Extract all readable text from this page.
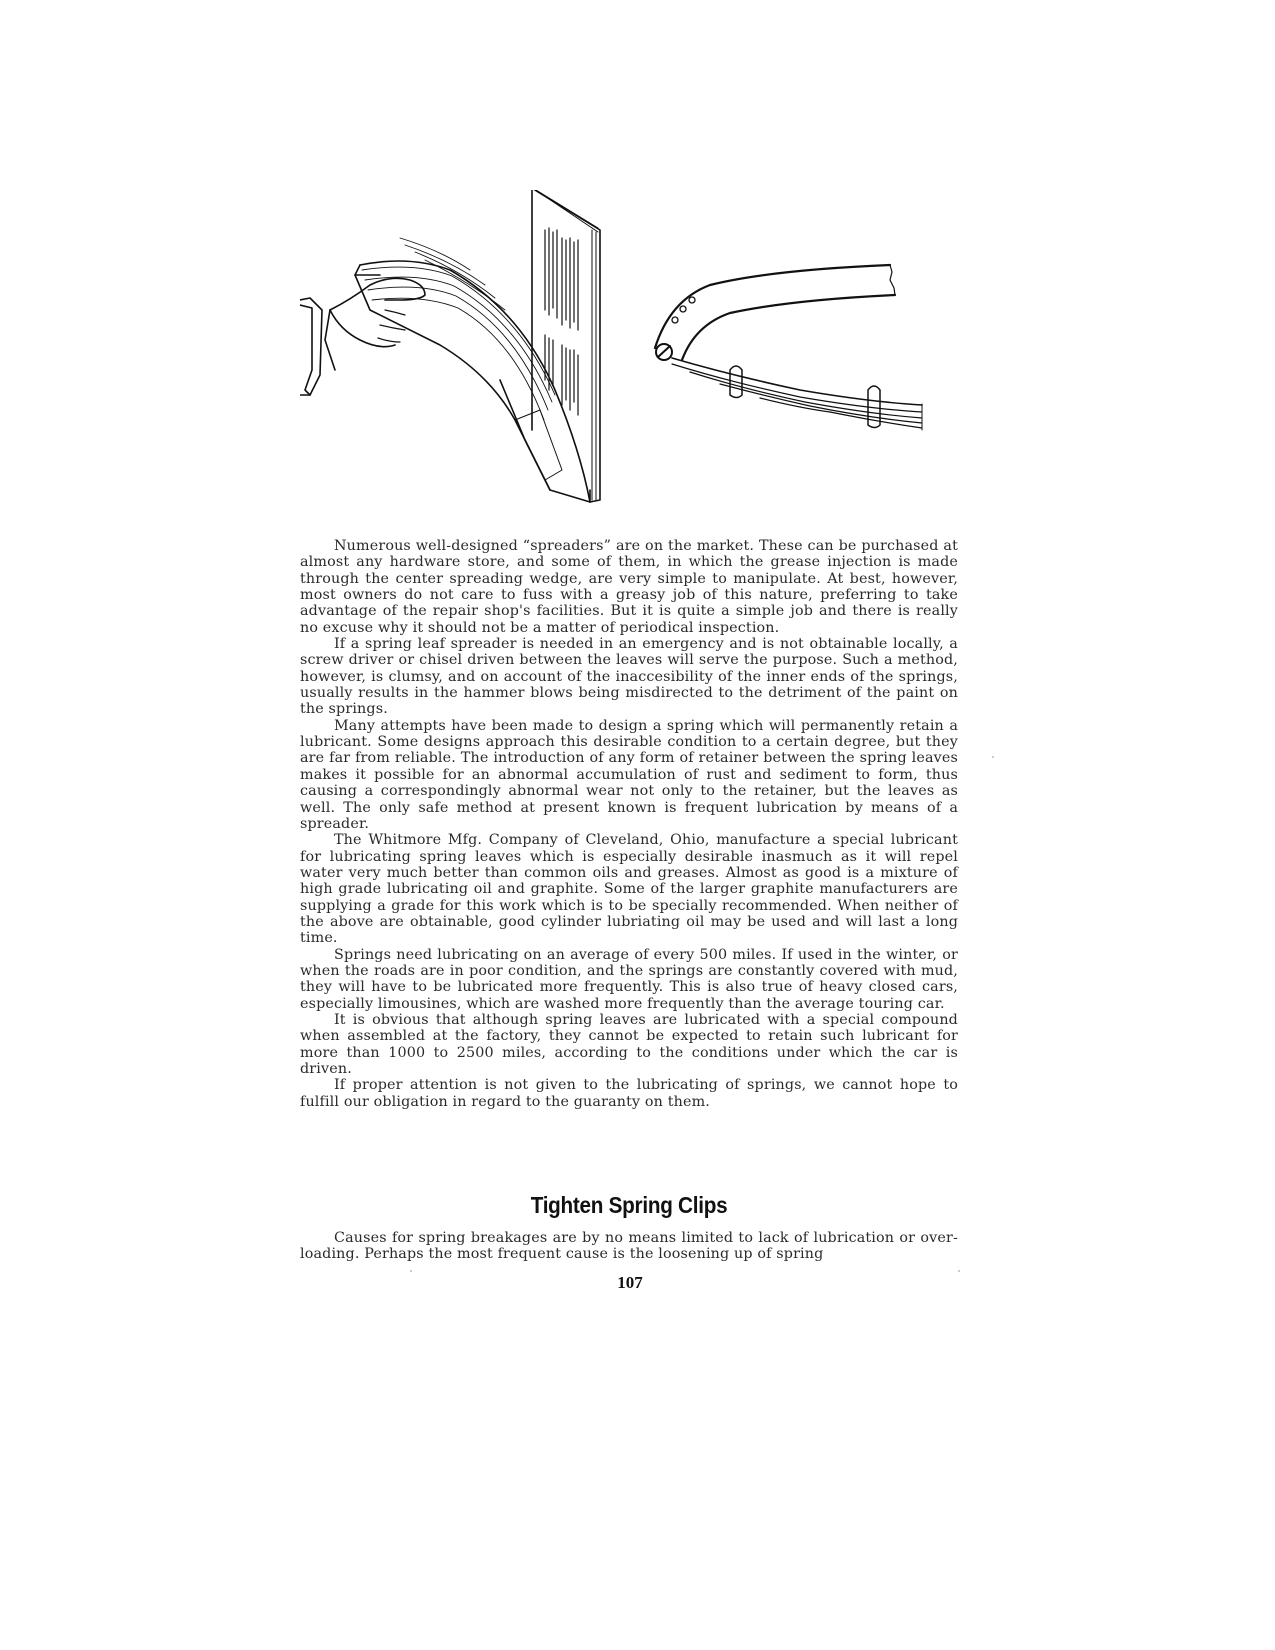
Numerous well-designed “spreaders” are on the market. These can be purchased at almost any hardware store, and some of them, in which the grease injection is made through the center spreading wedge, are very simple to manipulate. At best, however, most owners do not care to fuss with a greasy job of this nature, preferring to take advantage of the repair shop's facilities. But it is quite a simple job and there is really no excuse why it should not be a matter of periodical inspection.

If a spring leaf spreader is needed in an emergency and is not obtainable locally, a screw driver or chisel driven between the leaves will serve the purpose. Such a method, however, is clumsy, and on account of the inaccesibility of the inner ends of the springs, usually results in the hammer blows being misdirected to the detriment of the paint on the springs.

Many attempts have been made to design a spring which will permanently retain a lubricant. Some designs approach this desirable condition to a certain degree, but they are far from reliable. The introduction of any form of retainer between the spring leaves makes it possible for an abnormal accumulation of rust and sediment to form, thus causing a correspondingly abnormal wear not only to the retainer, but the leaves as well. The only safe method at present known is frequent lubrication by means of a spreader.

The Whitmore Mfg. Company of Cleveland, Ohio, manufacture a special lubricant for lubricating spring leaves which is especially desirable inasmuch as it will repel water very much better than common oils and greases. Almost as good is a mixture of high grade lubricating oil and graphite. Some of the larger graphite manufacturers are supplying a grade for this work which is to be specially recommended. When neither of the above are obtainable, good cylinder lubriating oil may be used and will last a long time.

Springs need lubricating on an average of every 500 miles. If used in the winter, or when the roads are in poor condition, and the springs are constantly covered with mud, they will have to be lubricated more frequently. This is also true of heavy closed cars, especially limousines, which are washed more frequently than the average touring car.

It is obvious that although spring leaves are lubricated with a special compound when assembled at the factory, they cannot be expected to retain such lubricant for more than 1000 to 2500 miles, according to the conditions under which the car is driven.

If proper attention is not given to the lubricating of springs, we cannot hope to fulfill our obligation in regard to the guaranty on them.

Tighten Spring Clips

Causes for spring breakages are by no means limited to lack of lubrication or over-loading. Perhaps the most frequent cause is the loosening up of spring

107
